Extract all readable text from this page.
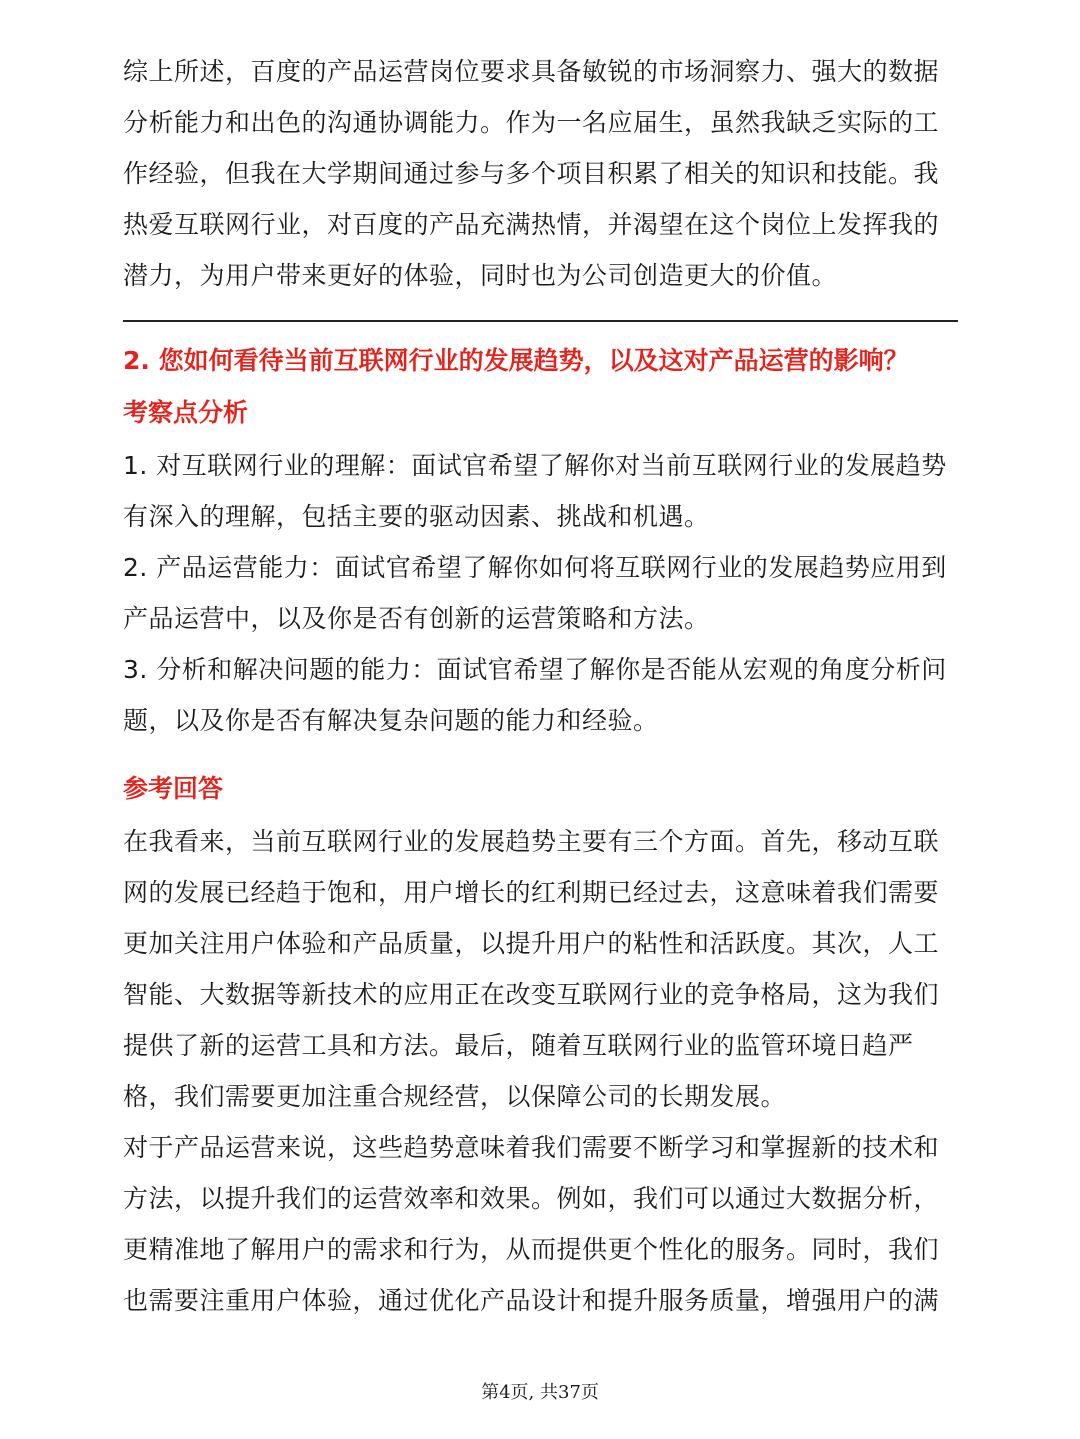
综上所述，百度的产品运营岗位要求具备敏锐的市场洞察力、强大的数据
分析能力和出色的沟通协调能力。作为一名应届生，虽然我缺乏实际的工
作经验，但我在大学期间通过参与多个项目积累了相关的知识和技能。我
热爱互联网行业，对百度的产品充满热情，并渴望在这个岗位上发挥我的
潜力，为用户带来更好的体验，同时也为公司创造更大的价值。
2. 您如何看待当前互联网行业的发展趋势，以及这对产品运营的影响？
考察点分析
1. 对互联网行业的理解：面试官希望了解你对当前互联网行业的发展趋势
有深入的理解，包括主要的驱动因素、挑战和机遇。
2. 产品运营能力：面试官希望了解你如何将互联网行业的发展趋势应用到
产品运营中，以及你是否有创新的运营策略和方法。
3. 分析和解决问题的能力：面试官希望了解你是否能从宏观的角度分析问
题，以及你是否有解决复杂问题的能力和经验。
参考回答
在我看来，当前互联网行业的发展趋势主要有三个方面。首先，移动互联
网的发展已经趋于饱和，用户增长的红利期已经过去，这意味着我们需要
更加关注用户体验和产品质量，以提升用户的粘性和活跃度。其次，人工
智能、大数据等新技术的应用正在改变互联网行业的竞争格局，这为我们
提供了新的运营工具和方法。最后，随着互联网行业的监管环境日趋严
格，我们需要更加注重合规经营，以保障公司的长期发展。
对于产品运营来说，这些趋势意味着我们需要不断学习和掌握新的技术和
方法，以提升我们的运营效率和效果。例如，我们可以通过大数据分析，
更精准地了解用户的需求和行为，从而提供更个性化的服务。同时，我们
也需要注重用户体验，通过优化产品设计和提升服务质量，增强用户的满
第4页, 共37页
